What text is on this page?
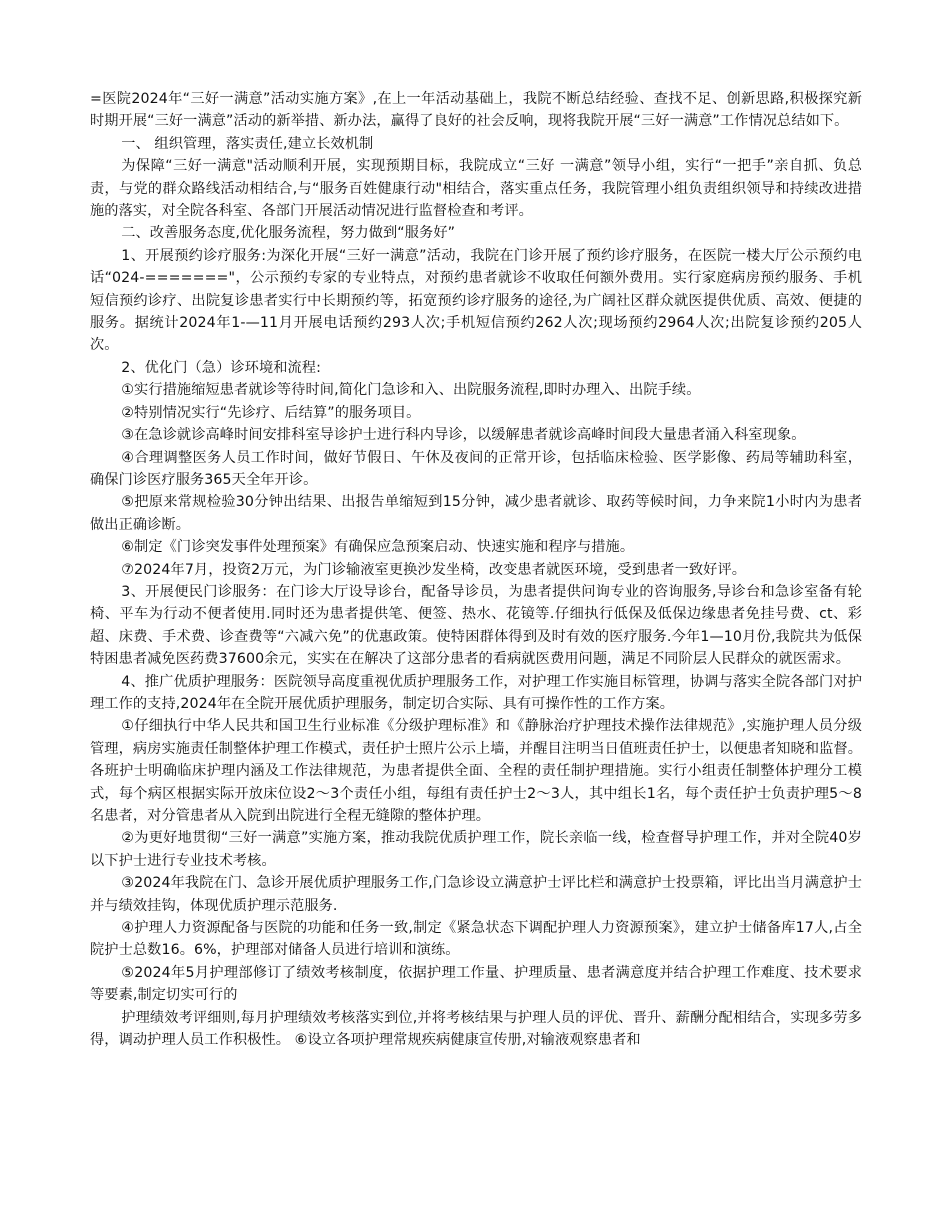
=医院2024年“三好一满意”活动实施方案》,在上一年活动基础上，我院不断总结经验、查找不足、创新思路,积极探究新时期开展“三好一满意”活动的新举措、新办法，赢得了良好的社会反响，现将我院开展“三好一满意”工作情况总结如下。

一、 组织管理，落实责任,建立长效机制

为保障“三好一满意"活动顺利开展，实现预期目标，我院成立“三好 一满意”领导小组，实行“一把手”亲自抓、负总责，与党的群众路线活动相结合,与“服务百姓健康行动"相结合，落实重点任务，我院管理小组负责组织领导和持续改进措施的落实，对全院各科室、各部门开展活动情况进行监督检查和考评。

二、改善服务态度,优化服务流程，努力做到“服务好”

1、开展预约诊疗服务:为深化开展“三好一满意”活动，我院在门诊开展了预约诊疗服务，在医院一楼大厅公示预约电话“024-======="，公示预约专家的专业特点，对预约患者就诊不收取任何额外费用。实行家庭病房预约服务、手机短信预约诊疗、出院复诊患者实行中长期预约等，拓宽预约诊疗服务的途径,为广阔社区群众就医提供优质、高效、便捷的服务。据统计2024年1-—11月开展电话预约293人次;手机短信预约262人次;现场预约2964人次;出院复诊预约205人次。

2、优化门（急）诊环境和流程:

①实行措施缩短患者就诊等待时间,简化门急诊和入、出院服务流程,即时办理入、出院手续。

②特别情况实行“先诊疗、后结算”的服务项目。

③在急诊就诊高峰时间安排科室导诊护士进行科内导诊，以缓解患者就诊高峰时间段大量患者涌入科室现象。

④合理调整医务人员工作时间，做好节假日、午休及夜间的正常开诊，包括临床检验、医学影像、药局等辅助科室，确保门诊医疗服务365天全年开诊。

⑤把原来常规检验30分钟出结果、出报告单缩短到15分钟，减少患者就诊、取药等候时间，力争来院1小时内为患者做出正确诊断。

⑥制定《门诊突发事件处理预案》有确保应急预案启动、快速实施和程序与措施。

⑦2024年7月，投资2万元，为门诊输液室更换沙发坐椅，改变患者就医环境，受到患者一致好评。

3、开展便民门诊服务：在门诊大厅设导诊台，配备导诊员，为患者提供问询专业的咨询服务,导诊台和急诊室备有轮椅、平车为行动不便者使用.同时还为患者提供笔、便签、热水、花镜等.仔细执行低保及低保边缘患者免挂号费、ct、彩超、床费、手术费、诊查费等“六减六免”的优惠政策。使特困群体得到及时有效的医疗服务.今年1—10月份,我院共为低保特困患者减免医药费37600余元，实实在在解决了这部分患者的看病就医费用问题，满足不同阶层人民群众的就医需求。

4、推广优质护理服务：医院领导高度重视优质护理服务工作，对护理工作实施目标管理，协调与落实全院各部门对护理工作的支持,2024年在全院开展优质护理服务，制定切合实际、具有可操作性的工作方案。

①仔细执行中华人民共和国卫生行业标准《分级护理标准》和《静脉治疗护理技术操作法律规范》,实施护理人员分级管理，病房实施责任制整体护理工作模式，责任护士照片公示上墙，并醒目注明当日值班责任护士，以便患者知晓和监督。各班护士明确临床护理内涵及工作法律规范，为患者提供全面、全程的责任制护理措施。实行小组责任制整体护理分工模式，每个病区根据实际开放床位设2～3个责任小组，每组有责任护士2～3人，其中组长1名，每个责任护士负责护理5～8名患者，对分管患者从入院到出院进行全程无缝隙的整体护理。

②为更好地贯彻“三好一满意”实施方案，推动我院优质护理工作，院长亲临一线，检查督导护理工作，并对全院40岁以下护士进行专业技术考核。

③2024年我院在门、急诊开展优质护理服务工作,门急诊设立满意护士评比栏和满意护士投票箱，评比出当月满意护士并与绩效挂钩，体现优质护理示范服务.

④护理人力资源配备与医院的功能和任务一致,制定《紧急状态下调配护理人力资源预案》，建立护士储备库17人,占全院护士总数16。6%，护理部对储备人员进行培训和演练。

⑤2024年5月护理部修订了绩效考核制度，依据护理工作量、护理质量、患者满意度并结合护理工作难度、技术要求等要素,制定切实可行的

护理绩效考评细则,每月护理绩效考核落实到位,并将考核结果与护理人员的评优、晋升、薪酬分配相结合，实现多劳多得，调动护理人员工作积极性。 ⑥设立各项护理常规疾病健康宣传册,对输液观察患者和
